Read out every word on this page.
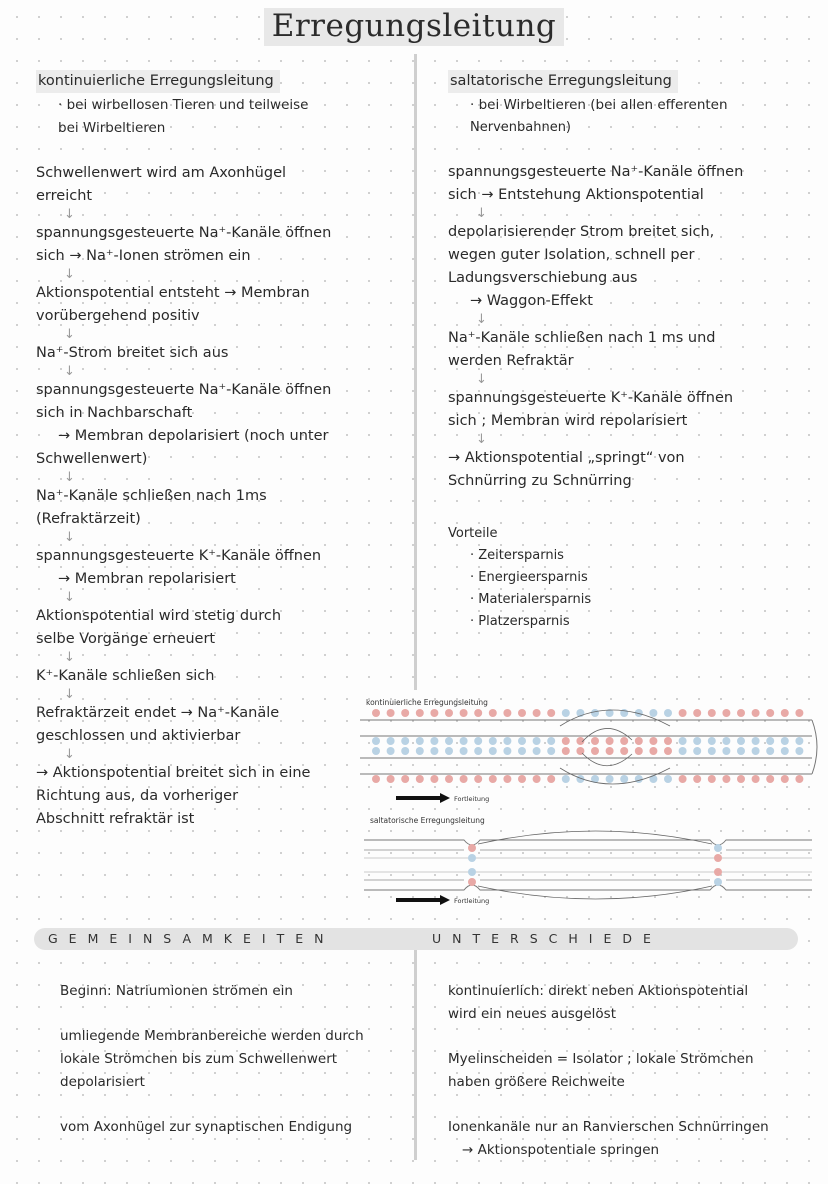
Erregungsleitung
kontinuierliche Erregungsleitung
· bei wirbellosen Tieren und teilweise
bei Wirbeltieren
Schwellenwert wird am Axonhügel
erreicht
↓
spannungsgesteuerte Na⁺-Kanäle öffnen
sich → Na⁺-Ionen strömen ein
↓
Aktionspotential entsteht → Membran
vorübergehend positiv
↓
Na⁺-Strom breitet sich aus
↓
spannungsgesteuerte Na⁺-Kanäle öffnen
sich in Nachbarschaft
→ Membran depolarisiert (noch unter
Schwellenwert)
↓
Na⁺-Kanäle schließen nach 1ms
(Refraktärzeit)
↓
spannungsgesteuerte K⁺-Kanäle öffnen
→ Membran repolarisiert
↓
Aktionspotential wird stetig durch
selbe Vorgänge erneuert
↓
K⁺-Kanäle schließen sich
↓
Refraktärzeit endet → Na⁺-Kanäle
geschlossen und aktivierbar
↓
→ Aktionspotential breitet sich in eine
Richtung aus, da vorheriger
Abschnitt refraktär ist
saltatorische Erregungsleitung
· bei Wirbeltieren (bei allen efferenten
Nervenbahnen)
spannungsgesteuerte Na⁺-Kanäle öffnen
sich → Entstehung Aktionspotential
↓
depolarisierender Strom breitet sich,
wegen guter Isolation, schnell per
Ladungsverschiebung aus
→ Waggon-Effekt
↓
Na⁺-Kanäle schließen nach 1 ms und
werden Refraktär
↓
spannungsgesteuerte K⁺-Kanäle öffnen
sich ; Membran wird repolarisiert
↓
→ Aktionspotential „springt“ von
Schnürring zu Schnürring
Vorteile
· Zeitersparnis
· Energieersparnis
· Materialersparnis
· Platzersparnis
kontinuierliche Erregungsleitung
Fortleitung
saltatorische Erregungsleitung
Fortleitung
GEMEINSAMKEITEN	UNTERSCHIEDE
Beginn: Natriumionen strömen ein
umliegende Membranbereiche werden durch
lokale Strömchen bis zum Schwellenwert
depolarisiert
vom Axonhügel zur synaptischen Endigung
kontinuierlich: direkt neben Aktionspotential
wird ein neues ausgelöst
Myelinscheiden = Isolator ; lokale Strömchen
haben größere Reichweite
Ionenkanäle nur an Ranvierschen Schnürringen
→ Aktionspotentiale springen
